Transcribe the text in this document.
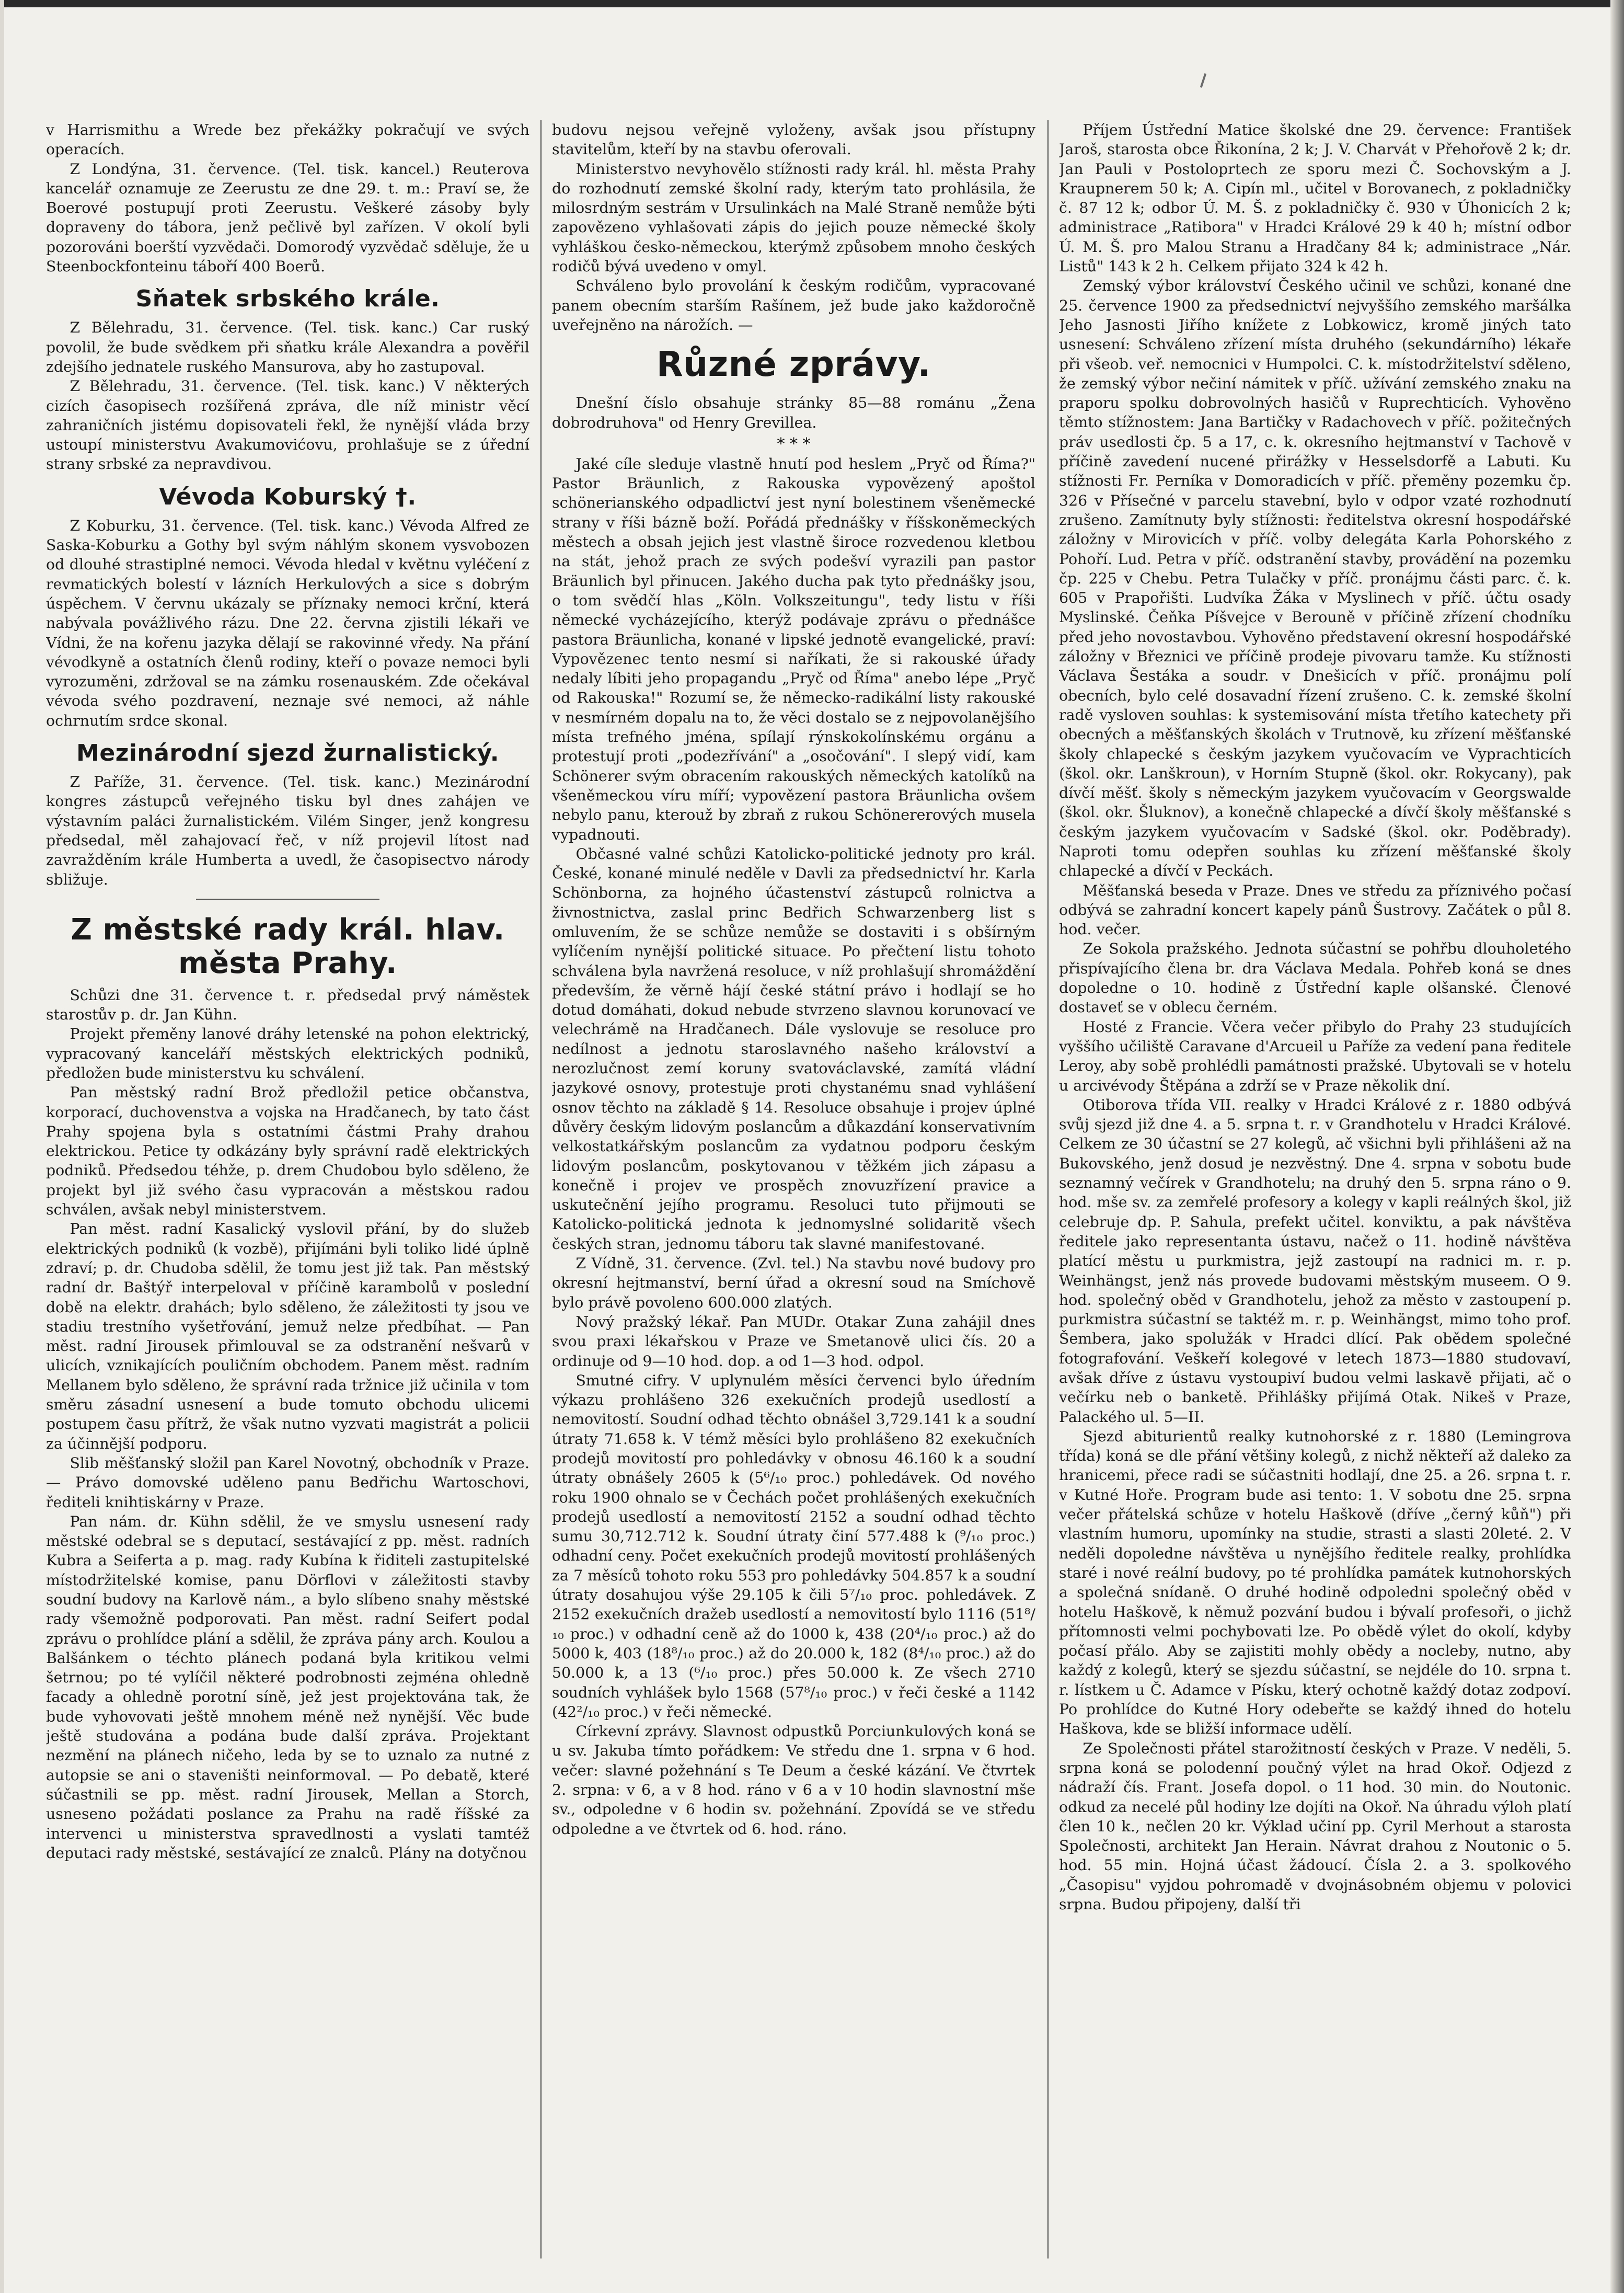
v Harrismithu a Wrede bez překážky pokračují ve svých operacích.

Z Londýna, 31. července. (Tel. tisk. kancel.) Reuterova kancelář oznamuje ze Zeerustu ze dne 29. t. m.: Praví se, že Boerové postupují proti Zeerustu. Veškeré zásoby byly dopraveny do tábora, jenž pečlivě byl zařízen. V okolí byli pozorováni boerští vyzvědači. Domorodý vyzvědač sděluje, že u Steenbockfonteinu táboří 400 Boerů.

Sňatek srbského krále.

Z Bělehradu, 31. července. (Tel. tisk. kanc.) Car ruský povolil, že bude svědkem při sňatku krále Alexandra a pověřil zdejšího jednatele ruského Mansurova, aby ho zastupoval.

Z Bělehradu, 31. července. (Tel. tisk. kanc.) V některých cizích časopisech rozšířená zpráva, dle níž ministr věcí zahraničních jistému dopisovateli řekl, že nynější vláda brzy ustoupí ministerstvu Avakumovićovu, prohlašuje se z úřední strany srbské za nepravdivou.

Vévoda Koburský †.

Z Koburku, 31. července. (Tel. tisk. kanc.) Vévoda Alfred ze Saska-Koburku a Gothy byl svým náhlým skonem vysvobozen od dlouhé strastiplné nemoci. Vévoda hledal v květnu vyléčení z revmatických bolestí v lázních Herkulových a sice s dobrým úspěchem. V červnu ukázaly se příznaky nemoci krční, která nabývala povážlivého rázu. Dne 22. června zjistili lékaři ve Vídni, že na kořenu jazyka dělají se rakovinné vředy. Na přání vévodkyně a ostatních členů rodiny, kteří o povaze nemoci byli vyrozuměni, zdržoval se na zámku rosenauském. Zde očekával vévoda svého pozdravení, neznaje své nemoci, až náhle ochrnutím srdce skonal.

Mezinárodní sjezd žurnalistický.

Z Paříže, 31. července. (Tel. tisk. kanc.) Mezinárodní kongres zástupců veřejného tisku byl dnes zahájen ve výstavním paláci žurnalistickém. Vilém Singer, jenž kongresu předsedal, měl zahajovací řeč, v níž projevil lítost nad zavražděním krále Humberta a uvedl, že časopisectvo národy sbližuje.

Z městské rady král. hlav. města Prahy.

Schůzi dne 31. července t. r. předsedal prvý náměstek starostův p. dr. Jan Kühn.

Projekt přeměny lanové dráhy letenské na pohon elektrický, vypracovaný kanceláří městských elektrických podniků, předložen bude ministerstvu ku schválení.

Pan městský radní Brož předložil petice občanstva, korporací, duchovenstva a vojska na Hradčanech, by tato část Prahy spojena byla s ostatními částmi Prahy drahou elektrickou. Petice ty odkázány byly správní radě elektrických podniků. Předsedou téhže, p. drem Chudobou bylo sděleno, že projekt byl již svého času vypracován a městskou radou schválen, avšak nebyl ministerstvem.

Pan měst. radní Kasalický vyslovil přání, by do služeb elektrických podniků (k vozbě), přijímáni byli toliko lidé úplně zdraví; p. dr. Chudoba sdělil, že tomu jest již tak. Pan městský radní dr. Baštýř interpeloval v příčině karambolů v poslední době na elektr. drahách; bylo sděleno, že záležitosti ty jsou ve stadiu trestního vyšetřování, jemuž nelze předbíhat. — Pan měst. radní Jirousek přimlouval se za odstranění nešvarů v ulicích, vznikajících pouličním obchodem. Panem měst. radním Mellanem bylo sděleno, že správní rada tržnice již učinila v tom směru zásadní usnesení a bude tomuto obchodu ulicemi postupem času přítrž, že však nutno vyzvati magistrát a policii za účinnější podporu.

Slib měšťanský složil pan Karel Novotný, obchodník v Praze. — Právo domovské uděleno panu Bedřichu Wartoschovi, řediteli knihtiskárny v Praze.

Pan nám. dr. Kühn sdělil, že ve smyslu usnesení rady městské odebral se s deputací, sestávající z pp. měst. radních Kubra a Seiferta a p. mag. rady Kubína k řiditeli zastupitelské místodržitelské komise, panu Dörflovi v záležitosti stavby soudní budovy na Karlově nám., a bylo slíbeno snahy městské rady všemožně podporovati. Pan měst. radní Seifert podal zprávu o prohlídce plání a sdělil, že zpráva pány arch. Koulou a Balšánkem o téchto plánech podaná byla kritikou velmi šetrnou; po té vylíčil některé podrobnosti zejména ohledně facady a ohledně porotní síně, jež jest projektována tak, že bude vyhovovati ještě mnohem méně než nynější. Věc bude ještě studována a podána bude další zpráva. Projektant nezmění na plánech ničeho, leda by se to uznalo za nutné z autopsie se ani o staveništi neinformoval. — Po debatě, které súčastnili se pp. měst. radní Jirousek, Mellan a Storch, usneseno požádati poslance za Prahu na radě říšské za intervenci u ministerstva spravedlnosti a vyslati tamtéž deputaci rady městské, sestávající ze znalců. Plány na dotyčnou

budovu nejsou veřejně vyloženy, avšak jsou přístupny stavitelům, kteří by na stavbu oferovali.

Ministerstvo nevyhovělo stížnosti rady král. hl. města Prahy do rozhodnutí zemské školní rady, kterým tato prohlásila, že milosrdným sestrám v Ursulinkách na Malé Straně nemůže býti zapovězeno vyhlašovati zápis do jejich pouze německé školy vyhláškou česko-německou, kterýmž způsobem mnoho českých rodičů bývá uvedeno v omyl.

Schváleno bylo provolání k českým rodičům, vypracované panem obecním starším Rašínem, jež bude jako každoročně uveřejněno na nárožích. —

Různé zprávy.

Dnešní číslo obsahuje stránky 85—88 románu „Žena dobrodruhova" od Henry Grevillea.

* * *

Jaké cíle sleduje vlastně hnutí pod heslem „Pryč od Říma?" Pastor Bräunlich, z Rakouska vypovězený apoštol schönerianského odpadlictví jest nyní bolestinem všeněmecké strany v říši bázně boží. Pořádá přednášky v říšskoněmeckých městech a obsah jejich jest vlastně široce rozvedenou kletbou na stát, jehož prach ze svých podešví vyrazili pan pastor Bräunlich byl přinucen. Jakého ducha pak tyto přednášky jsou, o tom svědčí hlas „Köln. Volkszeitungu", tedy listu v říši německé vycházejícího, kterýž podávaje zprávu o přednášce pastora Bräunlicha, konané v lipské jednotě evangelické, praví: Vypovězenec tento nesmí si naříkati, že si rakouské úřady nedaly líbiti jeho propagandu „Pryč od Říma" anebo lépe „Pryč od Rakouska!" Rozumí se, že německo-radikální listy rakouské v nesmírném dopalu na to, že věci dostalo se z nejpovolanějšího místa trefného jména, spílají rýnskokolínskému orgánu a protestují proti „podezřívání" a „osočování". I slepý vidí, kam Schönerer svým obracením rakouských německých katolíků na všeněmeckou víru míří; vypovězení pastora Bräunlicha ovšem nebylo panu, kterouž by zbraň z rukou Schönererových musela vypadnouti.

Občasné valné schůzi Katolicko-politické jednoty pro král. České, konané minulé neděle v Davli za předsednictví hr. Karla Schönborna, za hojného účastenství zástupců rolnictva a živnostnictva, zaslal princ Bedřich Schwarzenberg list s omluvením, že se schůze nemůže se dostaviti i s obšírným vylíčením nynější politické situace. Po přečtení listu tohoto schválena byla navržená resoluce, v níž prohlašují shromáždění především, že věrně hájí české státní právo i hodlají se ho dotud domáhati, dokud nebude stvrzeno slavnou korunovací ve velechrámě na Hradčanech. Dále vyslovuje se resoluce pro nedílnost a jednotu staroslavného našeho království a nerozlučnost zemí koruny svatováclavské, zamítá vládní jazykové osnovy, protestuje proti chystanému snad vyhlášení osnov těchto na základě § 14. Resoluce obsahuje i projev úplné důvěry českým lidovým poslancům a důkazdání konservativním velkostatkářským poslancům za vydatnou podporu českým lidovým poslancům, poskytovanou v těžkém jich zápasu a konečně i projev ve prospěch znovuzřízení pravice a uskutečnění jejího programu. Resoluci tuto přijmouti se Katolicko-politická jednota k jednomyslné solidaritě všech českých stran, jednomu táboru tak slavné manifestované.

Z Vídně, 31. července. (Zvl. tel.) Na stavbu nové budovy pro okresní hejtmanství, berní úřad a okresní soud na Smíchově bylo právě povoleno 600.000 zlatých.

Nový pražský lékař. Pan MUDr. Otakar Zuna zahájil dnes svou praxi lékařskou v Praze ve Smetanově ulici čís. 20 a ordinuje od 9—10 hod. dop. a od 1—3 hod. odpol.

Smutné cifry. V uplynulém měsíci červenci bylo úředním výkazu prohlášeno 326 exekučních prodejů usedlostí a nemovitostí. Soudní odhad těchto obnášel 3,729.141 k a soudní útraty 71.658 k. V témž měsíci bylo prohlášeno 82 exekučních prodejů movitostí pro pohledávky v obnosu 46.160 k a soudní útraty obnášely 2605 k (5⁶/₁₀ proc.) pohledávek. Od nového roku 1900 ohnalo se v Čechách počet prohlášených exekučních prodejů usedlostí a nemovitostí 2152 a soudní odhad těchto sumu 30,712.712 k. Soudní útraty činí 577.488 k (⁹/₁₀ proc.) odhadní ceny. Počet exekučních prodejů movitostí prohlášených za 7 měsíců tohoto roku 553 pro pohledávky 504.857 k a soudní útraty dosahujou výše 29.105 k čili 5⁷/₁₀ proc. pohledávek. Z 2152 exekučních dražeb usedlostí a nemovitostí bylo 1116 (51⁸/₁₀ proc.) v odhadní ceně až do 1000 k, 438 (20⁴/₁₀ proc.) až do 5000 k, 403 (18⁸/₁₀ proc.) až do 20.000 k, 182 (8⁴/₁₀ proc.) až do 50.000 k, a 13 (⁶/₁₀ proc.) přes 50.000 k. Ze všech 2710 soudních vyhlášek bylo 1568 (57⁸/₁₀ proc.) v řeči české a 1142 (42²/₁₀ proc.) v řeči německé.

Církevní zprávy. Slavnost odpustků Porciunkulových koná se u sv. Jakuba tímto pořádkem: Ve středu dne 1. srpna v 6 hod. večer: slavné požehnání s Te Deum a české kázání. Ve čtvrtek 2. srpna: v 6, a v 8 hod. ráno v 6 a v 10 hodin slavnostní mše sv., odpoledne v 6 hodin sv. požehnání. Zpovídá se ve středu odpoledne a ve čtvrtek od 6. hod. ráno.

Příjem Ústřední Matice školské dne 29. července: František Jaroš, starosta obce Řikonína, 2 k; J. V. Charvát v Přehořově 2 k; dr. Jan Pauli v Postoloprtech ze sporu mezi Č. Sochovským a J. Kraupnerem 50 k; A. Cipín ml., učitel v Borovanech, z pokladničky č. 87 12 k; odbor Ú. M. Š. z pokladničky č. 930 v Úhonicích 2 k; administrace „Ratibora" v Hradci Králové 29 k 40 h; místní odbor Ú. M. Š. pro Malou Stranu a Hradčany 84 k; administrace „Nár. Listů" 143 k 2 h. Celkem přijato 324 k 42 h.

Zemský výbor království Českého učinil ve schůzi, konané dne 25. července 1900 za předsednictví nejvyššího zemského maršálka Jeho Jasnosti Jiřího knížete z Lobkowicz, kromě jiných tato usnesení: Schváleno zřízení místa druhého (sekundárního) lékaře při všeob. veř. nemocnici v Humpolci. C. k. místodržitelství sděleno, že zemský výbor nečiní námitek v příč. užívání zemského znaku na praporu spolku dobrovolných hasičů v Ruprechticích. Vyhověno těmto stížnostem: Jana Bartičky v Radachovech v příč. požitečných práv usedlosti čp. 5 a 17, c. k. okresního hejtmanství v Tachově v příčině zavedení nucené přirážky v Hesselsdorfě a Labuti. Ku stížnosti Fr. Perníka v Domoradicích v příč. přeměny pozemku čp. 326 v Přísečné v parcelu stavební, bylo v odpor vzaté rozhodnutí zrušeno. Zamítnuty byly stížnosti: ředitelstva okresní hospodářské záložny v Mirovicích v příč. volby delegáta Karla Pohorského z Pohoří. Lud. Petra v příč. odstranění stavby, provádění na pozemku čp. 225 v Chebu. Petra Tulačky v příč. pronájmu části parc. č. k. 605 v Prapořišti. Ludvíka Žáka v Myslinech v příč. účtu osady Myslinské. Čeňka Píšvejce v Berouně v příčině zřízení chodníku před jeho novostavbou. Vyhověno představení okresní hospodářské záložny v Březnici ve příčině prodeje pivovaru tamže. Ku stížnosti Václava Šestáka a soudr. v Dnešicích v příč. pronájmu polí obecních, bylo celé dosavadní řízení zrušeno. C. k. zemské školní radě vysloven souhlas: k systemisování místa třetího katechety při obecných a měšťanských školách v Trutnově, ku zřízení měšťanské školy chlapecké s českým jazykem vyučovacím ve Vyprachticích (škol. okr. Lanškroun), v Horním Stupně (škol. okr. Rokycany), pak dívčí měšť. školy s německým jazykem vyučovacím v Georgswalde (škol. okr. Šluknov), a konečně chlapecké a dívčí školy měšťanské s českým jazykem vyučovacím v Sadské (škol. okr. Poděbrady). Naproti tomu odepřen souhlas ku zřízení měšťanské školy chlapecké a dívčí v Peckách.

Měšťanská beseda v Praze. Dnes ve středu za příznivého počasí odbývá se zahradní koncert kapely pánů Šustrovy. Začátek o půl 8. hod. večer.

Ze Sokola pražského. Jednota súčastní se pohřbu dlouholetého přispívajícího člena br. dra Václava Medala. Pohřeb koná se dnes dopoledne o 10. hodině z Ústřední kaple olšanské. Členové dostaveť se v oblecu černém.

Hosté z Francie. Včera večer přibylo do Prahy 23 studujících vyššího učiliště Caravane d'Arcueil u Paříže za vedení pana ředitele Leroy, aby sobě prohlédli památnosti pražské. Ubytovali se v hotelu u arcivévody Štěpána a zdrží se v Praze několik dní.

Otiborova třída VII. realky v Hradci Králové z r. 1880 odbývá svůj sjezd již dne 4. a 5. srpna t. r. v Grandhotelu v Hradci Králové. Celkem ze 30 účastní se 27 kolegů, ač všichni byli přihlášeni až na Bukovského, jenž dosud je nezvěstný. Dne 4. srpna v sobotu bude seznamný večírek v Grandhotelu; na druhý den 5. srpna ráno o 9. hod. mše sv. za zemřelé profesory a kolegy v kapli reálných škol, již celebruje dp. P. Sahula, prefekt učitel. konviktu, a pak návštěva ředitele jako representanta ústavu, načež o 11. hodině návštěva platící městu u purkmistra, jejž zastoupí na radnici m. r. p. Weinhängst, jenž nás provede budovami městským museem. O 9. hod. společný oběd v Grandhotelu, jehož za město v zastoupení p. purkmistra súčastní se taktéž m. r. p. Weinhängst, mimo toho prof. Šembera, jako spolužák v Hradci dlící. Pak obědem společné fotografování. Veškeří kolegové v letech 1873—1880 studovaví, avšak dříve z ústavu vystoupiví budou velmi laskavě přijati, ač o večírku neb o banketě. Přihlášky přijímá Otak. Nikeš v Praze, Palackého ul. 5—II.

Sjezd abiturientů realky kutnohorské z r. 1880 (Lemingrova třída) koná se dle přání většiny kolegů, z nichž někteří až daleko za hranicemi, přece radi se súčastniti hodlají, dne 25. a 26. srpna t. r. v Kutné Hoře. Program bude asi tento: 1. V sobotu dne 25. srpna večer přátelská schůze v hotelu Haškově (dříve „černý kůň") při vlastním humoru, upomínky na studie, strasti a slasti 20leté. 2. V neděli dopoledne návštěva u nynějšího ředitele realky, prohlídka staré i nové reální budovy, po té prohlídka památek kutnohorských a společná snídaně. O druhé hodině odpoledni společný oběd v hotelu Haškově, k němuž pozvání budou i bývalí profesoři, o jichž přítomnosti velmi pochybovati lze. Po obědě výlet do okolí, kdyby počasí přálo. Aby se zajistiti mohly obědy a nocleby, nutno, aby každý z kolegů, který se sjezdu súčastní, se nejdéle do 10. srpna t. r. lístkem u Č. Adamce v Písku, který ochotně každý dotaz zodpoví. Po prohlídce do Kutné Hory odebeřte se každý ihned do hotelu Haškova, kde se bližší informace udělí.

Ze Společnosti přátel starožitností českých v Praze. V neděli, 5. srpna koná se polodenní poučný výlet na hrad Okoř. Odjezd z nádraží čís. Frant. Josefa dopol. o 11 hod. 30 min. do Noutonic. odkud za necelé půl hodiny lze dojíti na Okoř. Na úhradu výloh platí člen 10 k., nečlen 20 kr. Výklad učiní pp. Cyril Merhout a starosta Společnosti, architekt Jan Herain. Návrat drahou z Noutonic o 5. hod. 55 min. Hojná účast žádoucí. Čísla 2. a 3. spolkového „Časopisu" vyjdou pohromadě v dvojnásobném objemu v polovici srpna. Budou připojeny, další tři
